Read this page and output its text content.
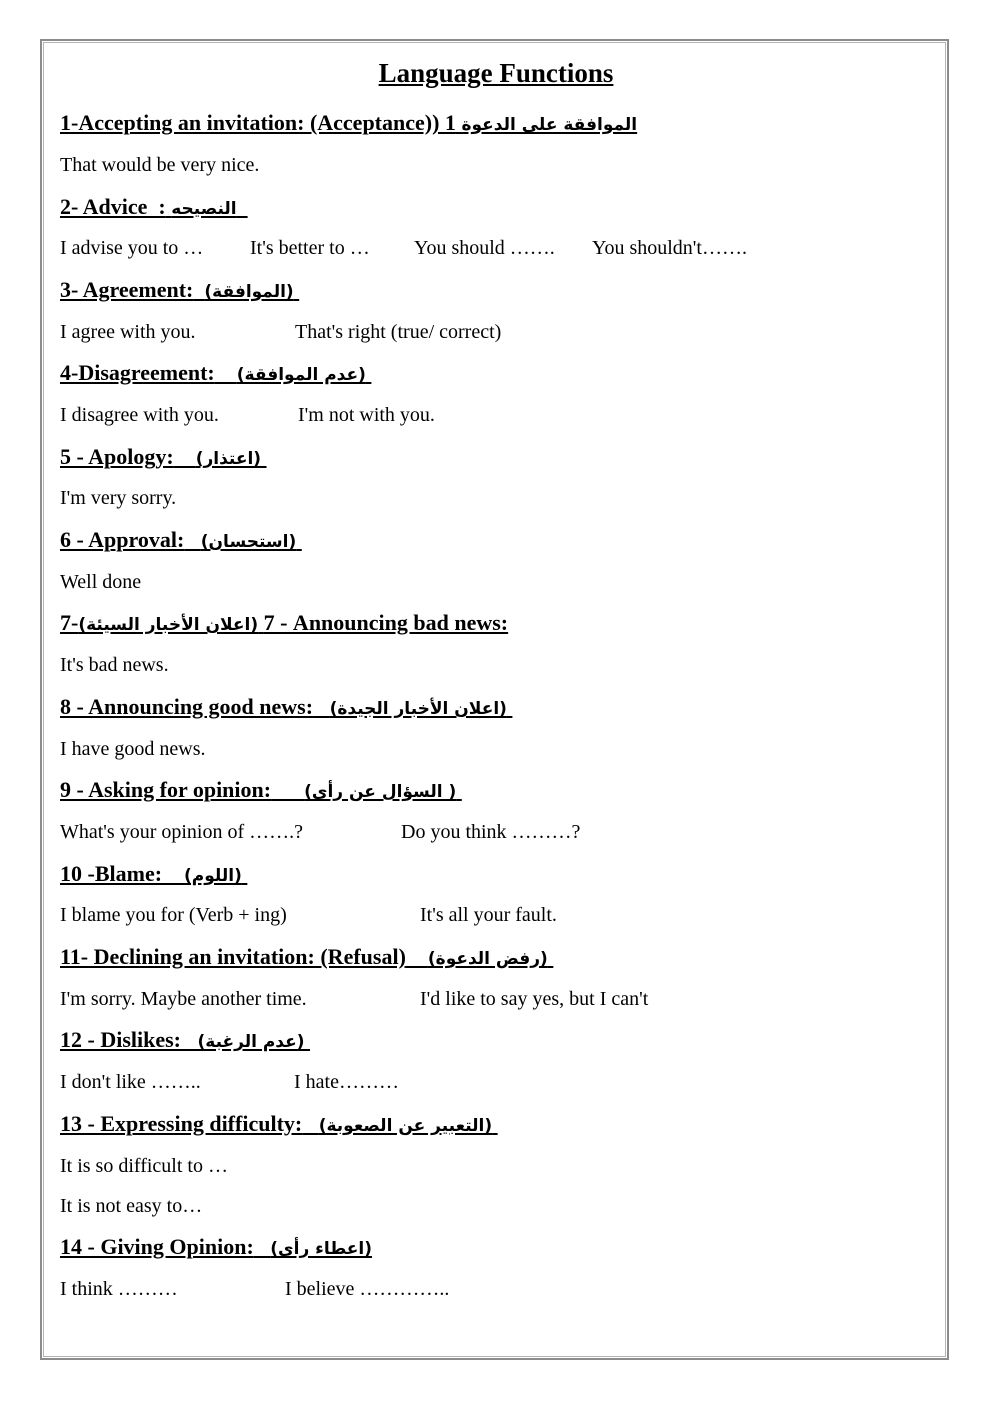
Language Functions
1-Accepting an invitation: (Acceptance)) 1 الموافقة على الدعوة
That would be very nice.
2- Advice  : النصيحه
I advise you to … It's better to … You should ……. You shouldn't…….
3- Agreement: (الموافقة)
I agree with you.	That's right (true/ correct)
4-Disagreement: (عدم الموافقة)
I disagree with you.	I'm not with you.
5 - Apology: (اعتذار)
I'm very sorry.
6 - Approval: (استحسان)
Well done
7-(اعلان الأخبار السيئة) 7 - Announcing bad news:
It's bad news.
8 - Announcing good news: (اعلان الأخبار الجيدة)
I have good news.
9 - Asking for opinion: ( السؤال عن رأى)
What's your opinion of …….?	Do you think ………?
10 -Blame: (اللوم)
I blame you for (Verb + ing)	It's all your fault.
11- Declining an invitation: (Refusal) (رفض الدعوة)
I'm sorry. Maybe another time.	I'd like to say yes, but I can't
12 - Dislikes: (عدم الرغبة)
I don't like ……..	I hate………
13 - Expressing difficulty: (التعبير عن الصعوبة)
It is so difficult to …
It is not easy to…
14 - Giving Opinion: (اعطاء رأى)
I think ………	I believe …………..
